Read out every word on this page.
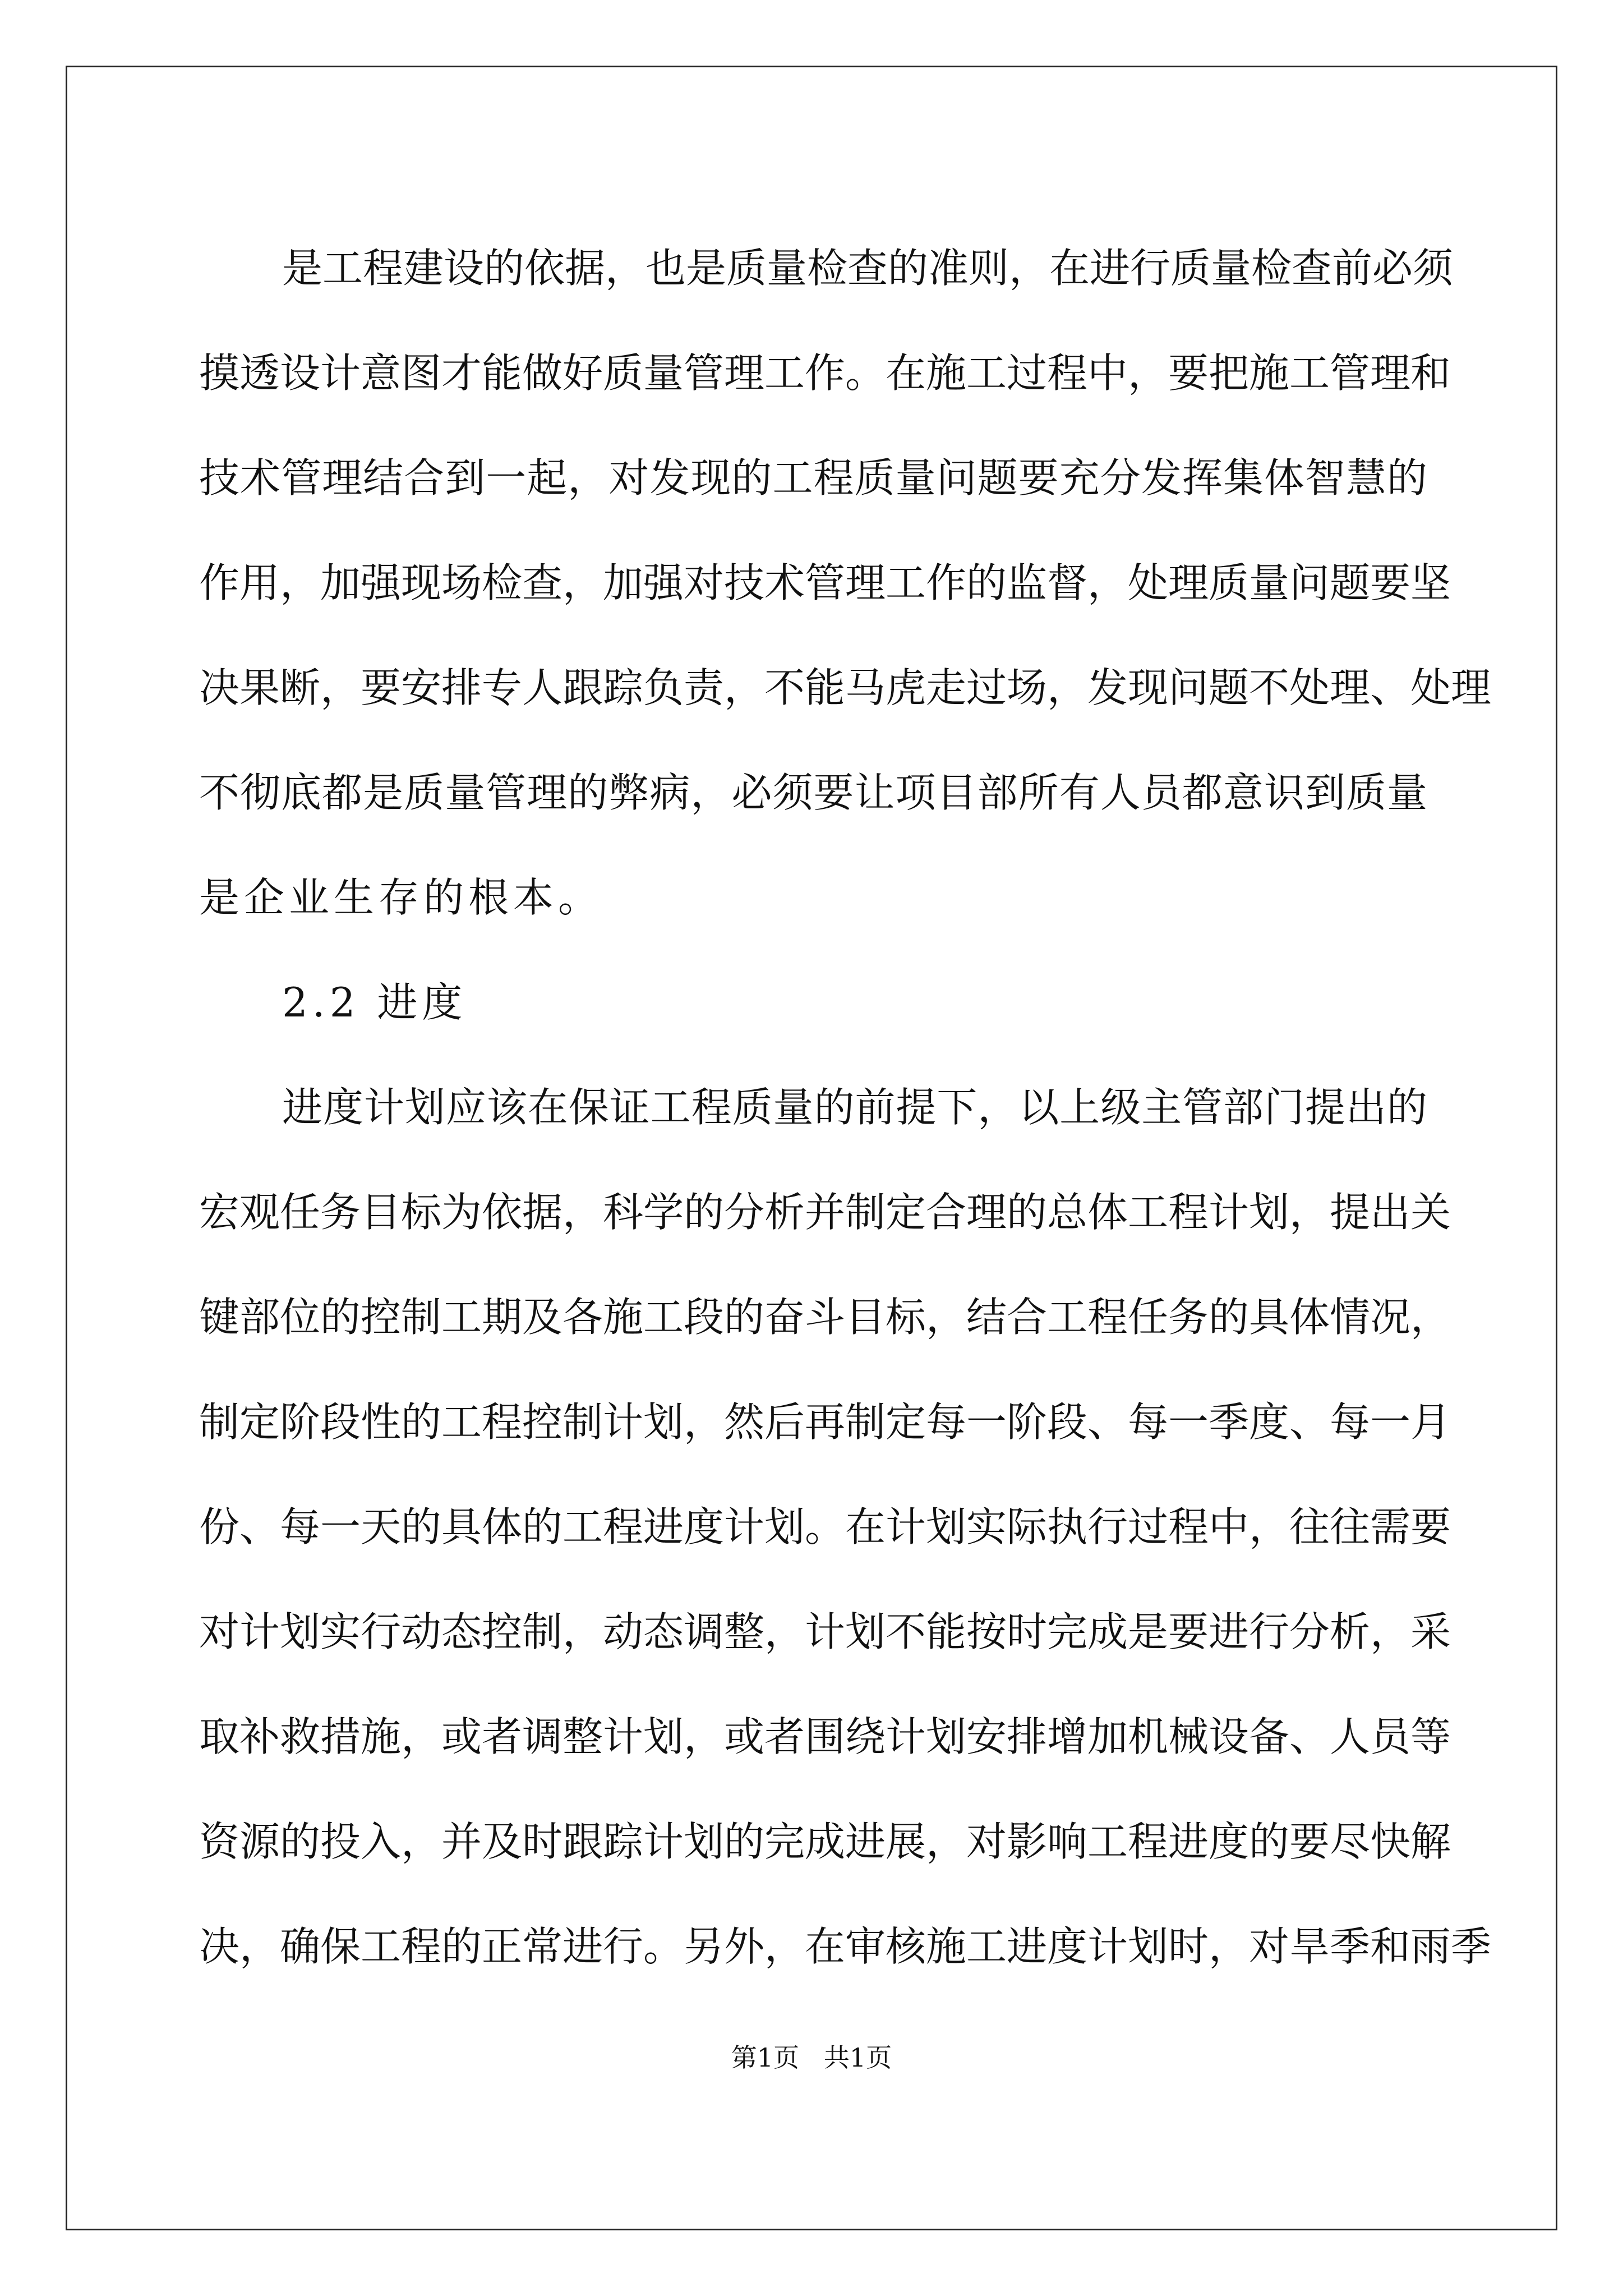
是工程建设的依据，也是质量检查的准则，在进行质量检查前必须
摸透设计意图才能做好质量管理工作。在施工过程中，要把施工管理和
技术管理结合到一起，对发现的工程质量问题要充分发挥集体智慧的
作用，加强现场检查，加强对技术管理工作的监督，处理质量问题要坚
决果断，要安排专人跟踪负责，不能马虎走过场，发现问题不处理、处理
不彻底都是质量管理的弊病，必须要让项目部所有人员都意识到质量
是企业生存的根本。
2.2 进度
进度计划应该在保证工程质量的前提下，以上级主管部门提出的
宏观任务目标为依据，科学的分析并制定合理的总体工程计划，提出关
键部位的控制工期及各施工段的奋斗目标，结合工程任务的具体情况，
制定阶段性的工程控制计划，然后再制定每一阶段、每一季度、每一月
份、每一天的具体的工程进度计划。在计划实际执行过程中，往往需要
对计划实行动态控制，动态调整，计划不能按时完成是要进行分析，采
取补救措施，或者调整计划，或者围绕计划安排增加机械设备、人员等
资源的投入，并及时跟踪计划的完成进展，对影响工程进度的要尽快解
决，确保工程的正常进行。另外，在审核施工进度计划时，对旱季和雨季
第1页   共1页
